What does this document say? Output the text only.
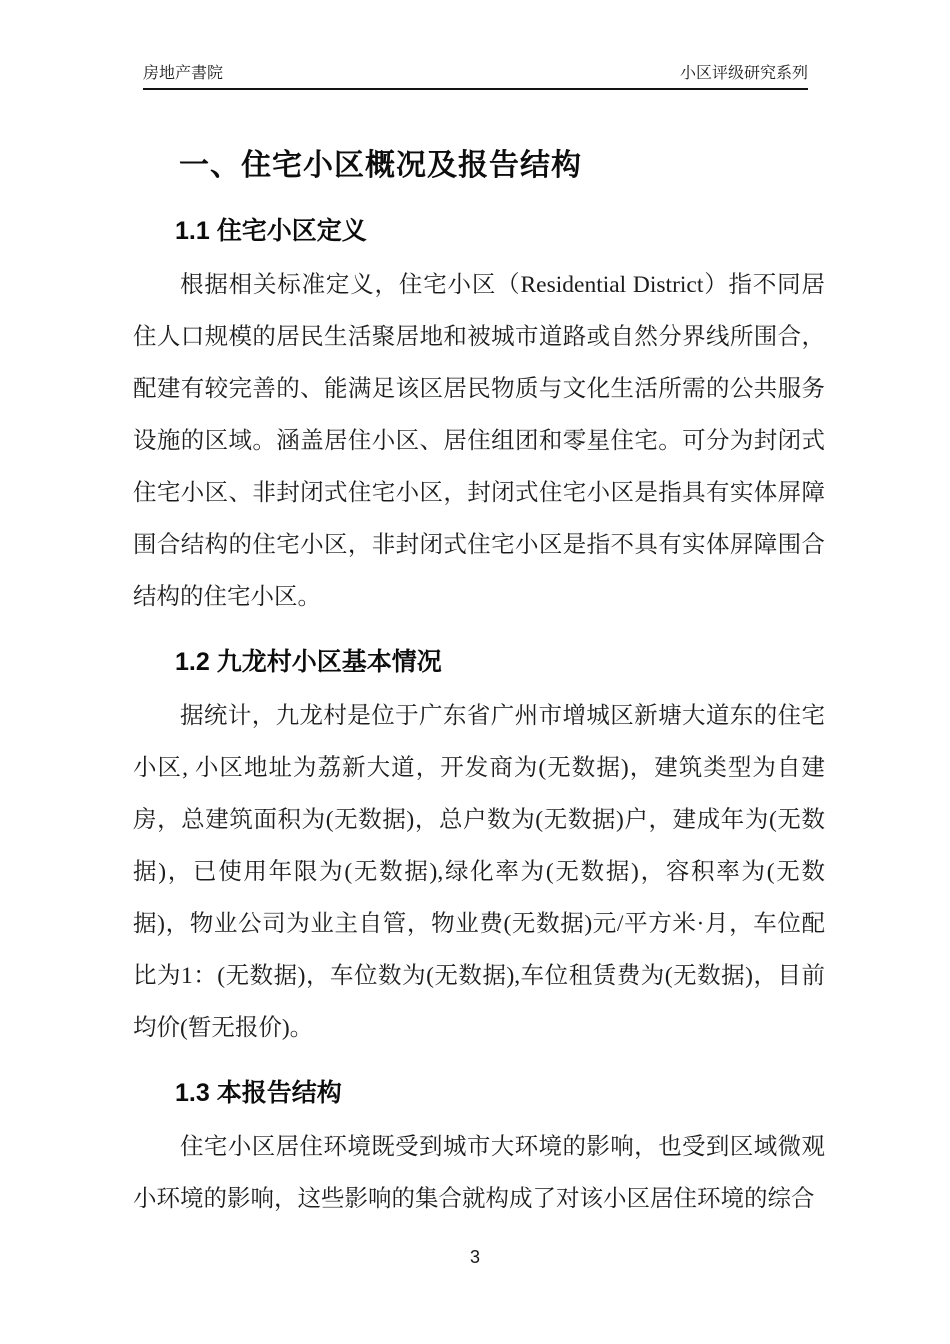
房地产書院	小区评级研究系列
一、住宅小区概况及报告结构
1.1 住宅小区定义

根据相关标准定义，住宅小区（Residential District）指不同居住人口规模的居民生活聚居地和被城市道路或自然分界线所围合，配建有较完善的、能满足该区居民物质与文化生活所需的公共服务设施的区域。涵盖居住小区、居住组团和零星住宅。可分为封闭式住宅小区、非封闭式住宅小区，封闭式住宅小区是指具有实体屏障围合结构的住宅小区，非封闭式住宅小区是指不具有实体屏障围合结构的住宅小区。

1.2 九龙村小区基本情况

据统计，九龙村是位于广东省广州市增城区新塘大道东的住宅小区, 小区地址为荔新大道，开发商为(无数据)，建筑类型为自建房，总建筑面积为(无数据)，总户数为(无数据)户，建成年为(无数据)，已使用年限为(无数据),绿化率为(无数据)，容积率为(无数据)，物业公司为业主自管，物业费(无数据)元/平方米·月，车位配比为1：(无数据)，车位数为(无数据),车位租赁费为(无数据)，目前均价(暂无报价)。

1.3 本报告结构

住宅小区居住环境既受到城市大环境的影响，也受到区域微观小环境的影响，这些影响的集合就构成了对该小区居住环境的综合

3
